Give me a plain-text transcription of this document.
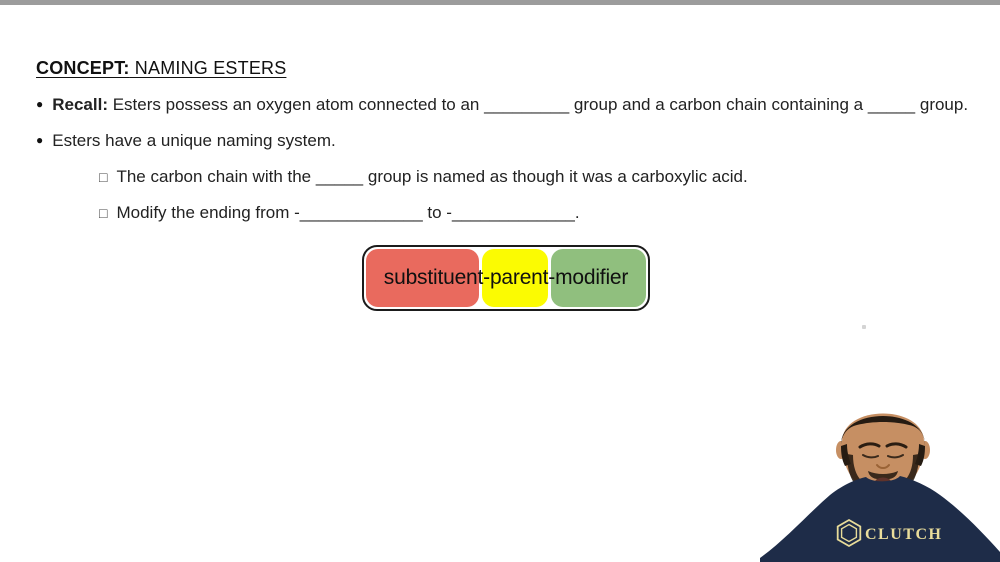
CONCEPT: NAMING ESTERS
● Recall: Esters possess an oxygen atom connected to an _________ group and a carbon chain containing a _____ group.
● Esters have a unique naming system.
□ The carbon chain with the _____ group is named as though it was a carboxylic acid.
□ Modify the ending from -_____________ to -_____________.
substituent-parent-modifier
CLUTCH
